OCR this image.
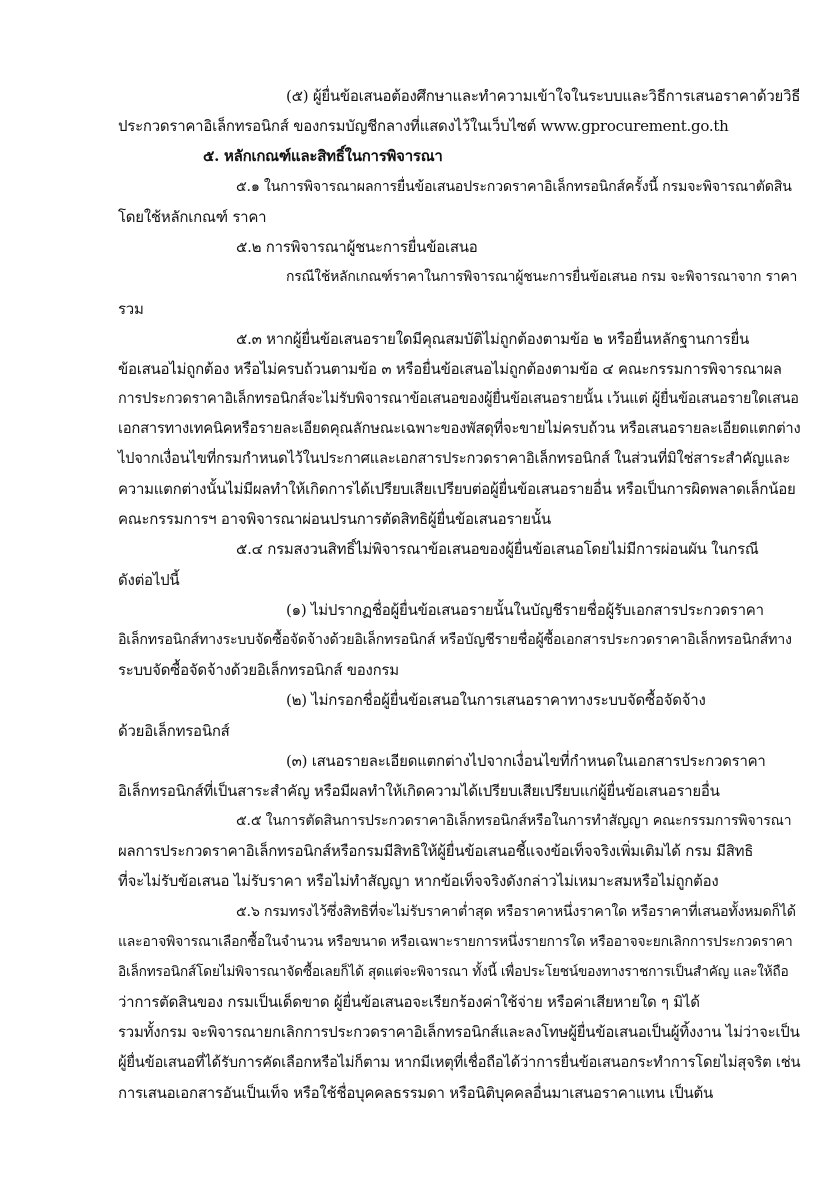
(๕) ผู้ยื่นข้อเสนอต้องศึกษาและทำความเข้าใจในระบบและวิธีการเสนอราคาด้วยวิธี
ประกวดราคาอิเล็กทรอนิกส์ ของกรมบัญชีกลางที่แสดงไว้ในเว็บไซต์ www.gprocurement.go.th
๕. หลักเกณฑ์และสิทธิ์ในการพิจารณา
๕.๑ ในการพิจารณาผลการยื่นข้อเสนอประกวดราคาอิเล็กทรอนิกส์ครั้งนี้ กรมจะพิจารณาตัดสิน
โดยใช้หลักเกณฑ์ ราคา
๕.๒ การพิจารณาผู้ชนะการยื่นข้อเสนอ
กรณีใช้หลักเกณฑ์ราคาในการพิจารณาผู้ชนะการยื่นข้อเสนอ กรม จะพิจารณาจาก ราคา
รวม
๕.๓ หากผู้ยื่นข้อเสนอรายใดมีคุณสมบัติไม่ถูกต้องตามข้อ ๒ หรือยื่นหลักฐานการยื่น
ข้อเสนอไม่ถูกต้อง หรือไม่ครบถ้วนตามข้อ ๓ หรือยื่นข้อเสนอไม่ถูกต้องตามข้อ ๔ คณะกรรมการพิจารณาผล
การประกวดราคาอิเล็กทรอนิกส์จะไม่รับพิจารณาข้อเสนอของผู้ยื่นข้อเสนอรายนั้น เว้นแต่ ผู้ยื่นข้อเสนอรายใดเสนอ
เอกสารทางเทคนิคหรือรายละเอียดคุณลักษณะเฉพาะของพัสดุที่จะขายไม่ครบถ้วน หรือเสนอรายละเอียดแตกต่าง
ไปจากเงื่อนไขที่กรมกำหนดไว้ในประกาศและเอกสารประกวดราคาอิเล็กทรอนิกส์ ในส่วนที่มิใช่สาระสำคัญและ
ความแตกต่างนั้นไม่มีผลทำให้เกิดการได้เปรียบเสียเปรียบต่อผู้ยื่นข้อเสนอรายอื่น หรือเป็นการผิดพลาดเล็กน้อย
คณะกรรมการฯ อาจพิจารณาผ่อนปรนการตัดสิทธิผู้ยื่นข้อเสนอรายนั้น
๕.๔ กรมสงวนสิทธิ์ไม่พิจารณาข้อเสนอของผู้ยื่นข้อเสนอโดยไม่มีการผ่อนผัน ในกรณี
ดังต่อไปนี้
(๑) ไม่ปรากฏชื่อผู้ยื่นข้อเสนอรายนั้นในบัญชีรายชื่อผู้รับเอกสารประกวดราคา
อิเล็กทรอนิกส์ทางระบบจัดซื้อจัดจ้างด้วยอิเล็กทรอนิกส์ หรือบัญชีรายชื่อผู้ซื้อเอกสารประกวดราคาอิเล็กทรอนิกส์ทาง
ระบบจัดซื้อจัดจ้างด้วยอิเล็กทรอนิกส์ ของกรม
(๒) ไม่กรอกชื่อผู้ยื่นข้อเสนอในการเสนอราคาทางระบบจัดซื้อจัดจ้าง
ด้วยอิเล็กทรอนิกส์
(๓) เสนอรายละเอียดแตกต่างไปจากเงื่อนไขที่กำหนดในเอกสารประกวดราคา
อิเล็กทรอนิกส์ที่เป็นสาระสำคัญ หรือมีผลทำให้เกิดความได้เปรียบเสียเปรียบแก่ผู้ยื่นข้อเสนอรายอื่น
๕.๕ ในการตัดสินการประกวดราคาอิเล็กทรอนิกส์หรือในการทำสัญญา คณะกรรมการพิจารณา
ผลการประกวดราคาอิเล็กทรอนิกส์หรือกรมมีสิทธิให้ผู้ยื่นข้อเสนอชี้แจงข้อเท็จจริงเพิ่มเติมได้ กรม มีสิทธิ
ที่จะไม่รับข้อเสนอ ไม่รับราคา หรือไม่ทำสัญญา หากข้อเท็จจริงดังกล่าวไม่เหมาะสมหรือไม่ถูกต้อง
๕.๖ กรมทรงไว้ซึ่งสิทธิที่จะไม่รับราคาต่ำสุด หรือราคาหนึ่งราคาใด หรือราคาที่เสนอทั้งหมดก็ได้
และอาจพิจารณาเลือกซื้อในจำนวน หรือขนาด หรือเฉพาะรายการหนึ่งรายการใด หรืออาจจะยกเลิกการประกวดราคา
อิเล็กทรอนิกส์โดยไม่พิจารณาจัดซื้อเลยก็ได้ สุดแต่จะพิจารณา ทั้งนี้ เพื่อประโยชน์ของทางราชการเป็นสำคัญ และให้ถือ
ว่าการตัดสินของ กรมเป็นเด็ดขาด ผู้ยื่นข้อเสนอจะเรียกร้องค่าใช้จ่าย หรือค่าเสียหายใด ๆ มิได้
รวมทั้งกรม จะพิจารณายกเลิกการประกวดราคาอิเล็กทรอนิกส์และลงโทษผู้ยื่นข้อเสนอเป็นผู้ทิ้งงาน ไม่ว่าจะเป็น
ผู้ยื่นข้อเสนอที่ได้รับการคัดเลือกหรือไม่ก็ตาม หากมีเหตุที่เชื่อถือได้ว่าการยื่นข้อเสนอกระทำการโดยไม่สุจริต เช่น
การเสนอเอกสารอันเป็นเท็จ หรือใช้ชื่อบุคคลธรรมดา หรือนิติบุคคลอื่นมาเสนอราคาแทน เป็นต้น
